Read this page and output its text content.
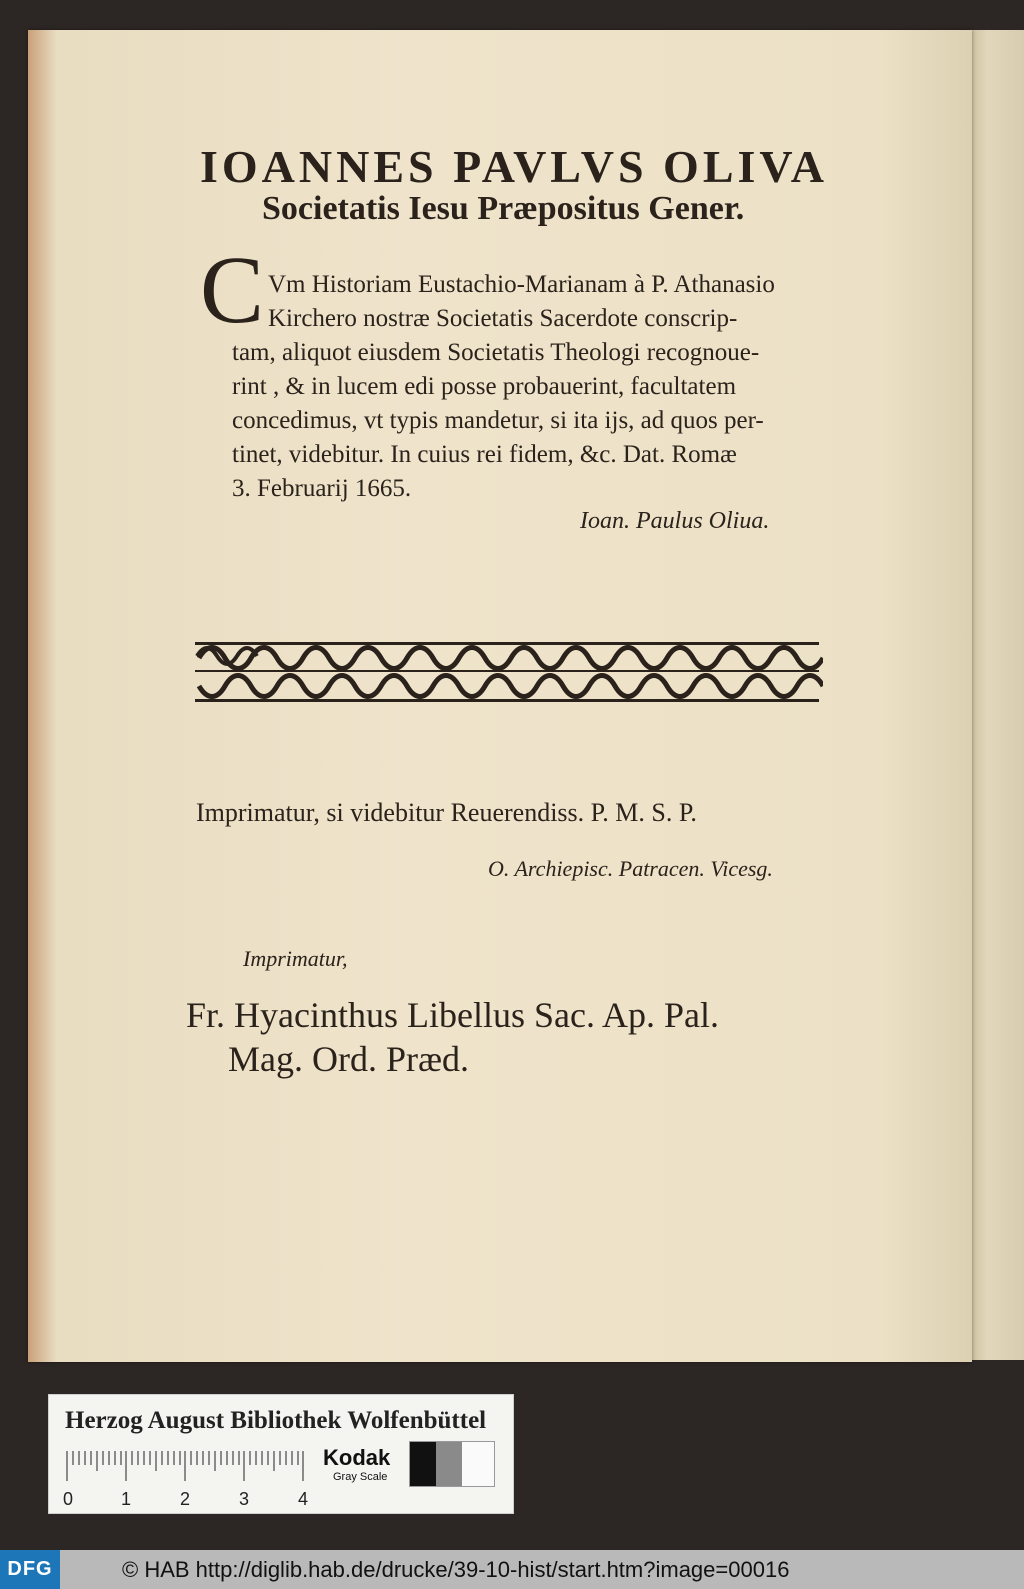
IOANNES PAVLVS OLIVA
Societatis Iesu Præpositus Gener.
C Vm Historiam Eustachio-Marianam à P. Athanasio
Kirchero nostræ Societatis Sacerdote conscrip-
tam, aliquot eiusdem Societatis Theologi recognoue-
rint , & in lucem edi posse probauerint, facultatem
concedimus, vt typis mandetur, si ita ijs, ad quos per-
tinet, videbitur. In cuius rei fidem, &c. Dat. Romæ
3. Februarij 1665.
Ioan. Paulus Oliua.
Imprimatur, si videbitur Reuerendiss. P. M. S. P.
O. Archiepisc. Patracen. Vicesg.
Imprimatur,
Fr. Hyacinthus Libellus Sac. Ap. Pal.
Mag. Ord. Præd.
Herzog August Bibliothek Wolfenbüttel
0	1	2	3	4
Kodak
Gray Scale
DFG	© HAB http://diglib.hab.de/drucke/39-10-hist/start.htm?image=00016
